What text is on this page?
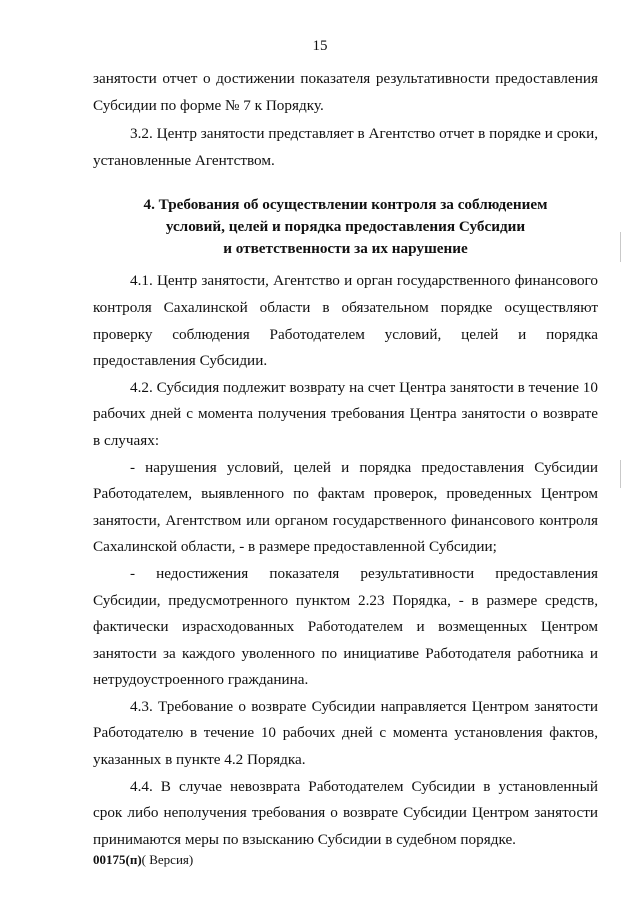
15

занятости отчет о достижении показателя результативности предоставления Субсидии по форме № 7 к Порядку.

3.2. Центр занятости представляет в Агентство отчет в порядке и сроки, установленные Агентством.

4. Требования об осуществлении контроля за соблюдением
условий, целей и порядка предоставления Субсидии
и ответственности за их нарушение

4.1. Центр занятости, Агентство и орган государственного финансового контроля Сахалинской области в обязательном порядке осуществляют проверку соблюдения Работодателем условий, целей и порядка предоставления Субсидии.

4.2. Субсидия подлежит возврату на счет Центра занятости в течение 10 рабочих дней с момента получения требования Центра занятости о возврате в случаях:

- нарушения условий, целей и порядка предоставления Субсидии Работодателем, выявленного по фактам проверок, проведенных Центром занятости, Агентством или органом государственного финансового контроля Сахалинской области, - в размере предоставленной Субсидии;

- недостижения показателя результативности предоставления Субсидии, предусмотренного пунктом 2.23 Порядка, - в размере средств, фактически израсходованных Работодателем и возмещенных Центром занятости за каждого уволенного по инициативе Работодателя работника и нетрудоустроенного гражданина.

4.3. Требование о возврате Субсидии направляется Центром занятости Работодателю в течение 10 рабочих дней с момента установления фактов, указанных в пункте 4.2 Порядка.

4.4. В случае невозврата Работодателем Субсидии в установленный срок либо неполучения требования о возврате Субсидии Центром занятости принимаются меры по взысканию Субсидии в судебном порядке.

00175(п)( Версия)
